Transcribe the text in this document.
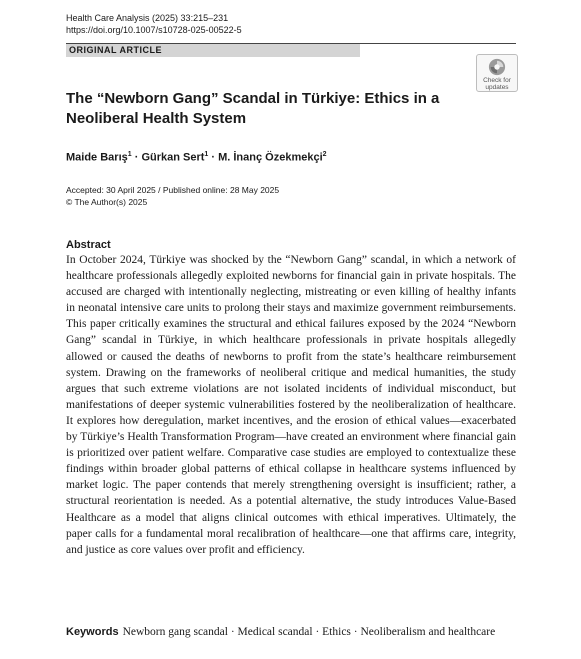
Health Care Analysis (2025) 33:215–231
https://doi.org/10.1007/s10728-025-00522-5
ORIGINAL ARTICLE
Check for
updates
The “Newborn Gang” Scandal in Türkiye: Ethics in a Neoliberal Health System
Maide Barış$^1$ · Gürkan Sert$^1$ · M. İnanç Özekmekçi$^2$
Accepted: 30 April 2025 / Published online: 28 May 2025
© The Author(s) 2025
Abstract
In October 2024, Türkiye was shocked by the “Newborn Gang” scandal, in which a network of healthcare professionals allegedly exploited newborns for financial gain in private hospitals. The accused are charged with intentionally neglecting, mistreating or even killing of healthy infants in neonatal intensive care units to prolong their stays and maximize government reimbursements. This paper critically examines the structural and ethical failures exposed by the 2024 “Newborn Gang” scandal in Türkiye, in which healthcare professionals in private hospitals allegedly allowed or caused the deaths of newborns to profit from the state’s healthcare reimbursement system. Drawing on the frameworks of neoliberal critique and medical humanities, the study argues that such extreme violations are not isolated incidents of individual misconduct, but manifestations of deeper systemic vulnerabilities fostered by the neoliberalization of healthcare. It explores how deregulation, market incentives, and the erosion of ethical values—exacerbated by Türkiye’s Health Transformation Program—have created an environment where financial gain is prioritized over patient welfare. Comparative case studies are employed to contextualize these findings within broader global patterns of ethical collapse in healthcare systems influenced by market logic. The paper contends that merely strengthening oversight is insufficient; rather, a structural reorientation is needed. As a potential alternative, the study introduces Value-Based Healthcare as a model that aligns clinical outcomes with ethical imperatives. Ultimately, the paper calls for a fundamental moral recalibration of healthcare—one that affirms care, integrity, and justice as core values over profit and efficiency.
Keywords Newborn gang scandal · Medical scandal · Ethics · Neoliberalism and healthcare
